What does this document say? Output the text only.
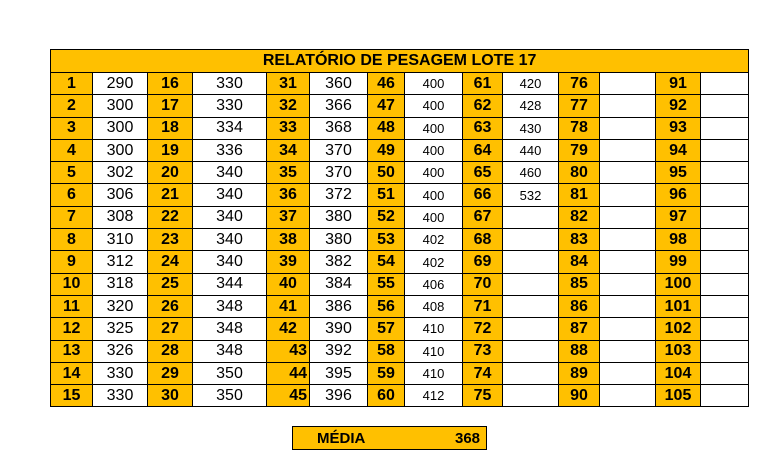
RELATÓRIO DE PESAGEM LOTE 17													
1	290	16	330	31	360	46	400	61	420	76		91	
2	300	17	330	32	366	47	400	62	428	77		92	
3	300	18	334	33	368	48	400	63	430	78		93	
4	300	19	336	34	370	49	400	64	440	79		94	
5	302	20	340	35	370	50	400	65	460	80		95	
6	306	21	340	36	372	51	400	66	532	81		96	
7	308	22	340	37	380	52	400	67		82		97	
8	310	23	340	38	380	53	402	68		83		98	
9	312	24	340	39	382	54	402	69		84		99	
10	318	25	344	40	384	55	406	70		85		100	
11	320	26	348	41	386	56	408	71		86		101	
12	325	27	348	42	390	57	410	72		87		102	
13	326	28	348	43	392	58	410	73		88		103	
14	330	29	350	44	395	59	410	74		89		104	
15	330	30	350	45	396	60	412	75		90		105	
MÉDIA	368
